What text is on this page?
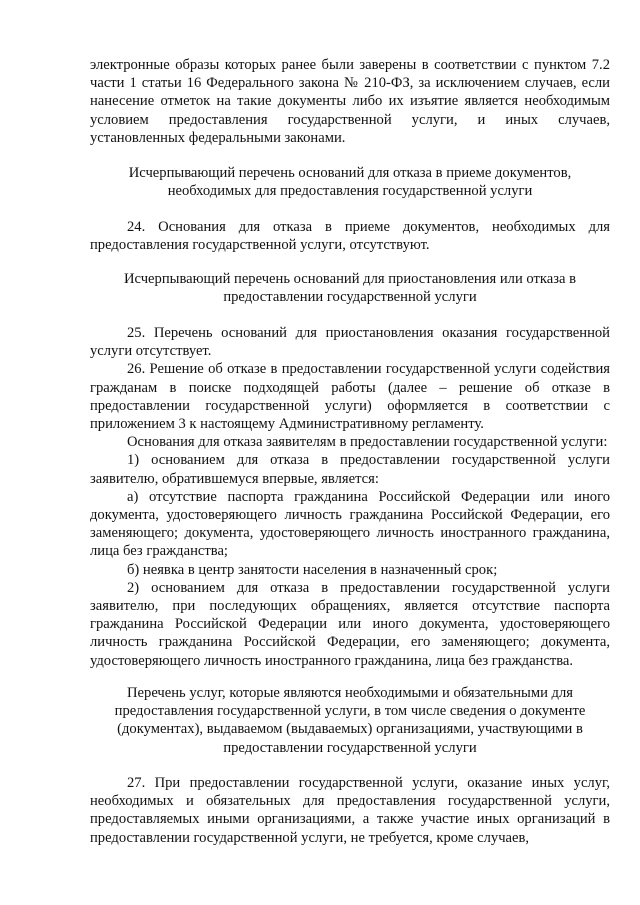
электронные образы которых ранее были заверены в соответствии с пунктом 7.2 части 1 статьи 16 Федерального закона № 210-ФЗ, за исключением случаев, если нанесение отметок на такие документы либо их изъятие является необходимым условием предоставления государственной услуги, и иных случаев, установленных федеральными законами.

Исчерпывающий перечень оснований для отказа в приеме документов, необходимых для предоставления государственной услуги

24. Основания для отказа в приеме документов, необходимых для предоставления государственной услуги, отсутствуют.

Исчерпывающий перечень оснований для приостановления или отказа в предоставлении государственной услуги

25. Перечень оснований для приостановления оказания государственной услуги отсутствует.

26. Решение об отказе в предоставлении государственной услуги содействия гражданам в поиске подходящей работы (далее – решение об отказе в предоставлении государственной услуги) оформляется в соответствии с приложением 3 к настоящему Административному регламенту.

Основания для отказа заявителям в предоставлении государственной услуги:

1) основанием для отказа в предоставлении государственной услуги заявителю, обратившемуся впервые, является:

а) отсутствие паспорта гражданина Российской Федерации или иного документа, удостоверяющего личность гражданина Российской Федерации, его заменяющего; документа, удостоверяющего личность иностранного гражданина, лица без гражданства;

б) неявка в центр занятости населения в назначенный срок;

2) основанием для отказа в предоставлении государственной услуги заявителю, при последующих обращениях, является отсутствие паспорта гражданина Российской Федерации или иного документа, удостоверяющего личность гражданина Российской Федерации, его заменяющего; документа, удостоверяющего личность иностранного гражданина, лица без гражданства.

Перечень услуг, которые являются необходимыми и обязательными для предоставления государственной услуги, в том числе сведения о документе (документах), выдаваемом (выдаваемых) организациями, участвующими в предоставлении государственной услуги

27. При предоставлении государственной услуги, оказание иных услуг, необходимых и обязательных для предоставления государственной услуги, предоставляемых иными организациями, а также участие иных организаций в предоставлении государственной услуги, не требуется, кроме случаев,
